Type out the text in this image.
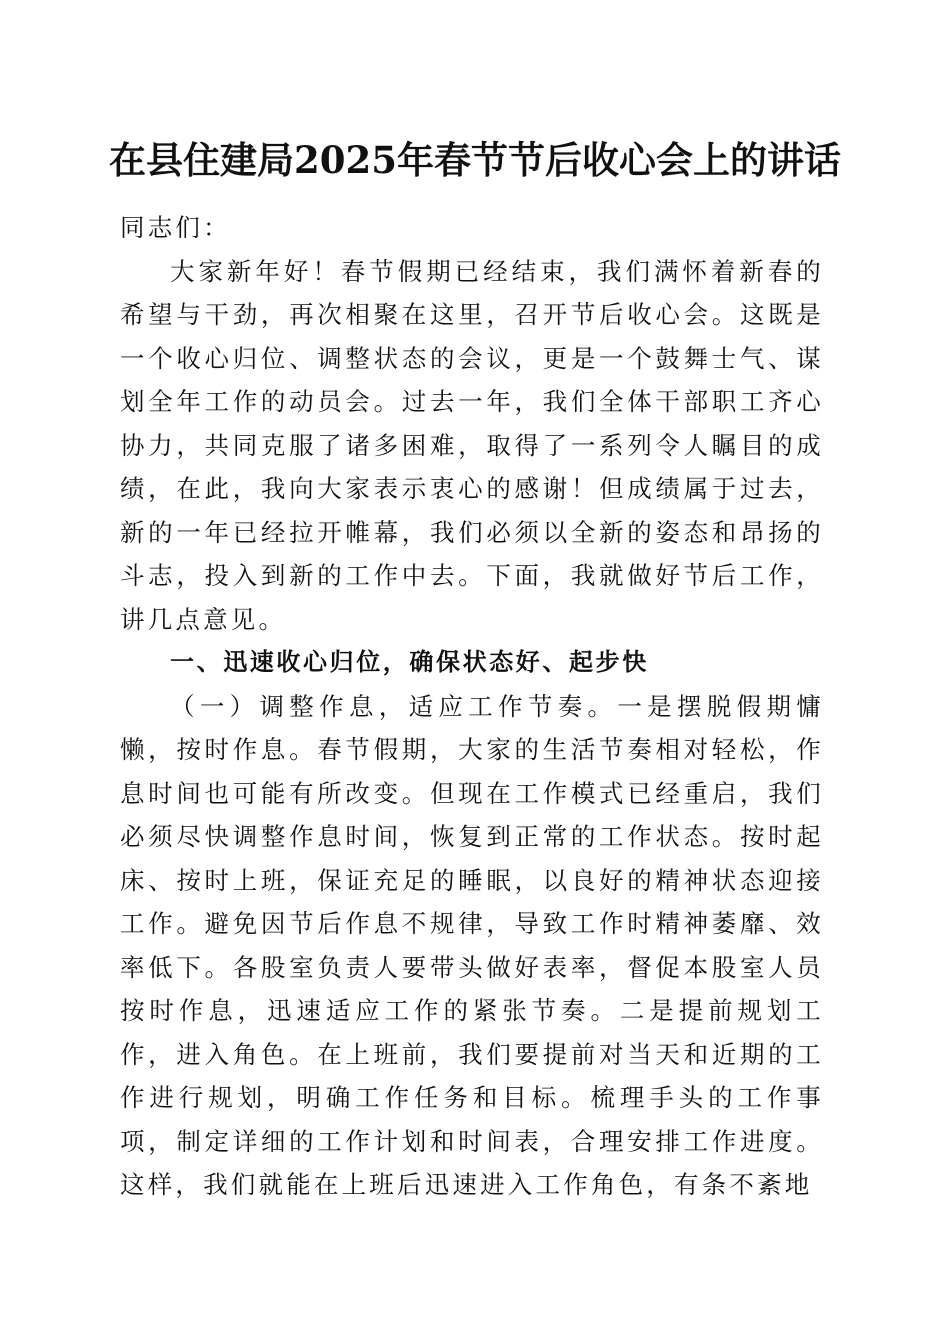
在县住建局2025年春节节后收心会上的讲话

同志们：

大家新年好！春节假期已经结束，我们满怀着新春的希望与干劲，再次相聚在这里，召开节后收心会。这既是一个收心归位、调整状态的会议，更是一个鼓舞士气、谋划全年工作的动员会。过去一年，我们全体干部职工齐心协力，共同克服了诸多困难，取得了一系列令人瞩目的成绩，在此，我向大家表示衷心的感谢！但成绩属于过去，新的一年已经拉开帷幕，我们必须以全新的姿态和昂扬的斗志，投入到新的工作中去。下面，我就做好节后工作，讲几点意见。

一、迅速收心归位，确保状态好、起步快

（一）调整作息，适应工作节奏。一是摆脱假期慵懒，按时作息。春节假期，大家的生活节奏相对轻松，作息时间也可能有所改变。但现在工作模式已经重启，我们必须尽快调整作息时间，恢复到正常的工作状态。按时起床、按时上班，保证充足的睡眠，以良好的精神状态迎接工作。避免因节后作息不规律，导致工作时精神萎靡、效率低下。各股室负责人要带头做好表率，督促本股室人员按时作息，迅速适应工作的紧张节奏。二是提前规划工作，进入角色。在上班前，我们要提前对当天和近期的工作进行规划，明确工作任务和目标。梳理手头的工作事项，制定详细的工作计划和时间表，合理安排工作进度。这样，我们就能在上班后迅速进入工作角色，有条不紊地
